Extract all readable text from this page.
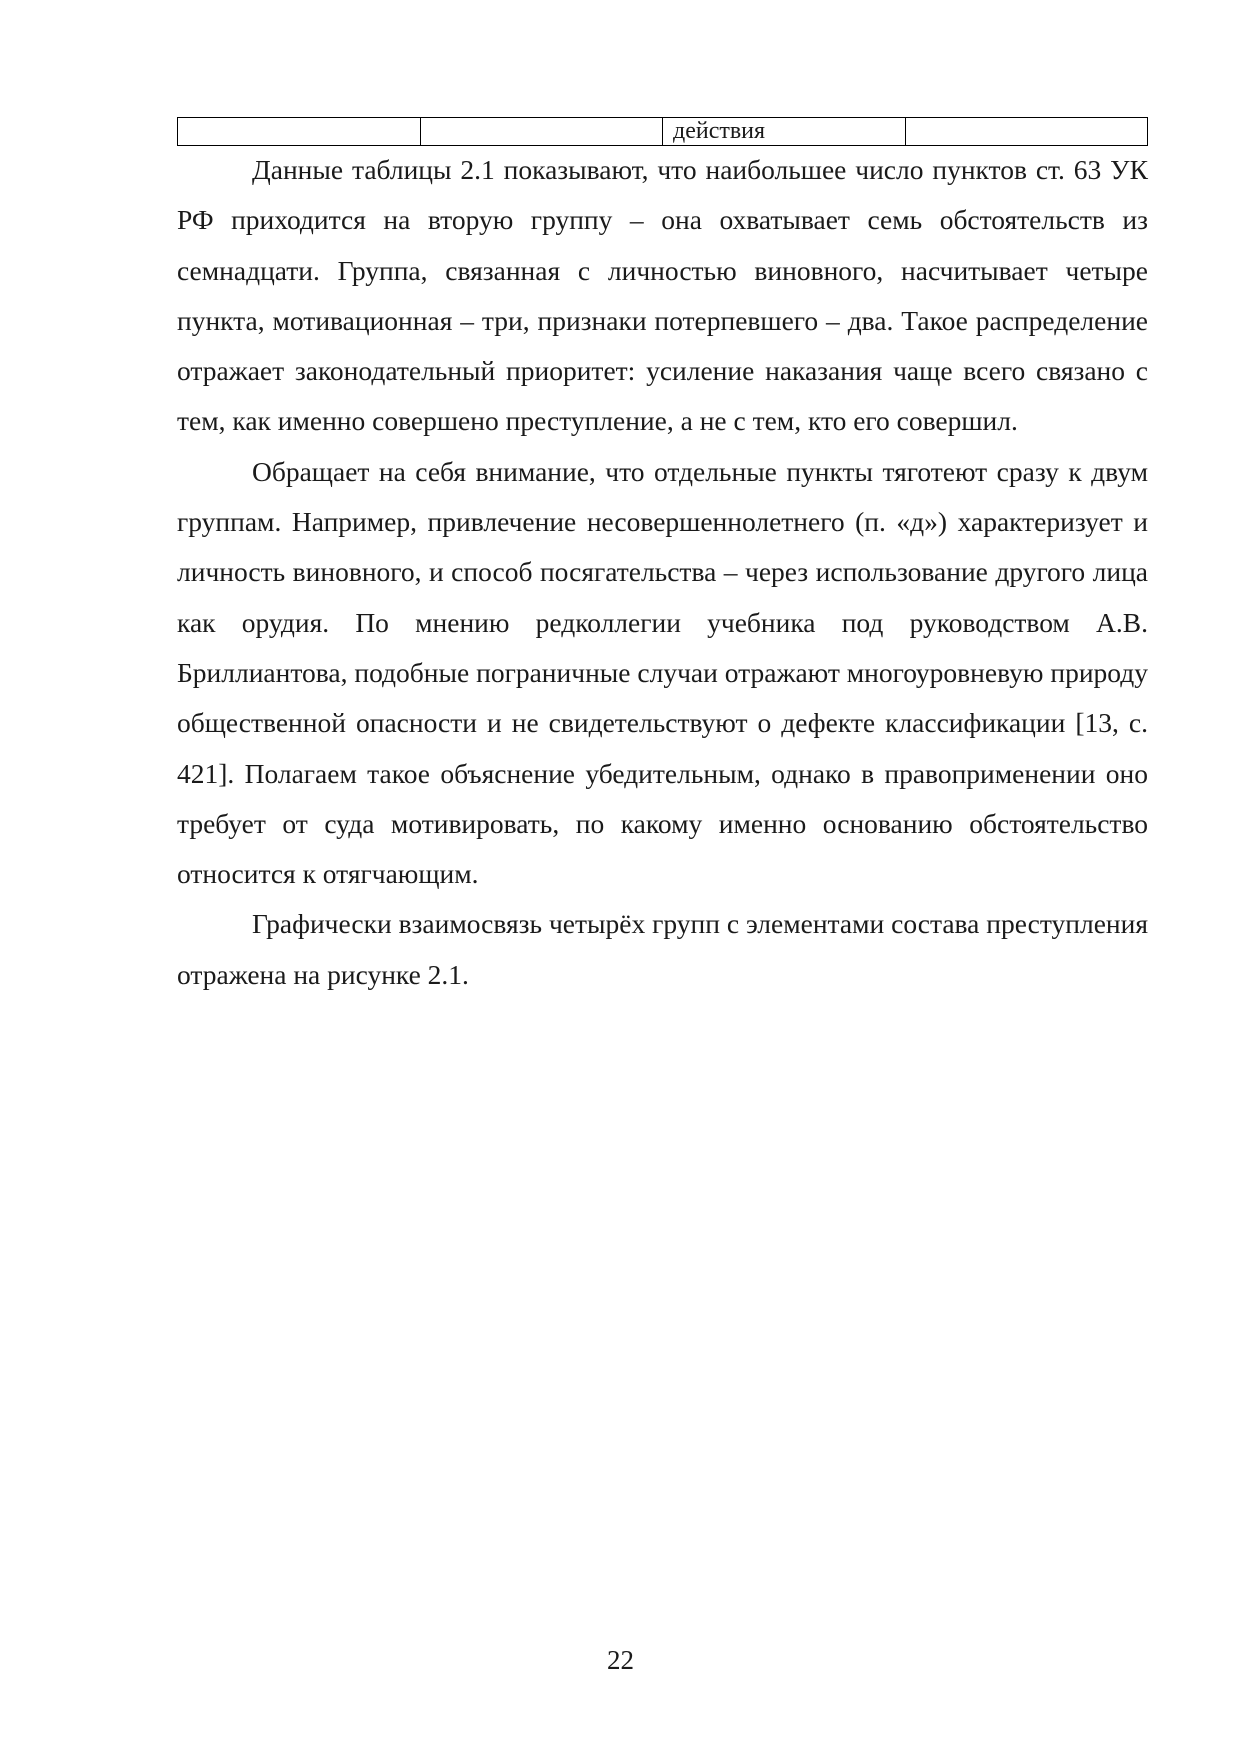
		действия	

Данные таблицы 2.1 показывают, что наибольшее число пунктов ст. 63 УК РФ приходится на вторую группу – она охватывает семь обстоятельств из семнадцати. Группа, связанная с личностью виновного, насчитывает четыре пункта, мотивационная – три, признаки потерпевшего – два. Такое распределение отражает законодательный приоритет: усиление наказания чаще всего связано с тем, как именно совершено преступление, а не с тем, кто его совершил.

Обращает на себя внимание, что отдельные пункты тяготеют сразу к двум группам. Например, привлечение несовершеннолетнего (п. «д») характеризует и личность виновного, и способ посягательства – через использование другого лица как орудия. По мнению редколлегии учебника под руководством А.В. Бриллиантова, подобные пограничные случаи отражают многоуровневую природу общественной опасности и не свидетельствуют о дефекте классификации [13, с. 421]. Полагаем такое объяснение убедительным, однако в правоприменении оно требует от суда мотивировать, по какому именно основанию обстоятельство относится к отягчающим.

Графически взаимосвязь четырёх групп с элементами состава преступления отражена на рисунке 2.1.

22
